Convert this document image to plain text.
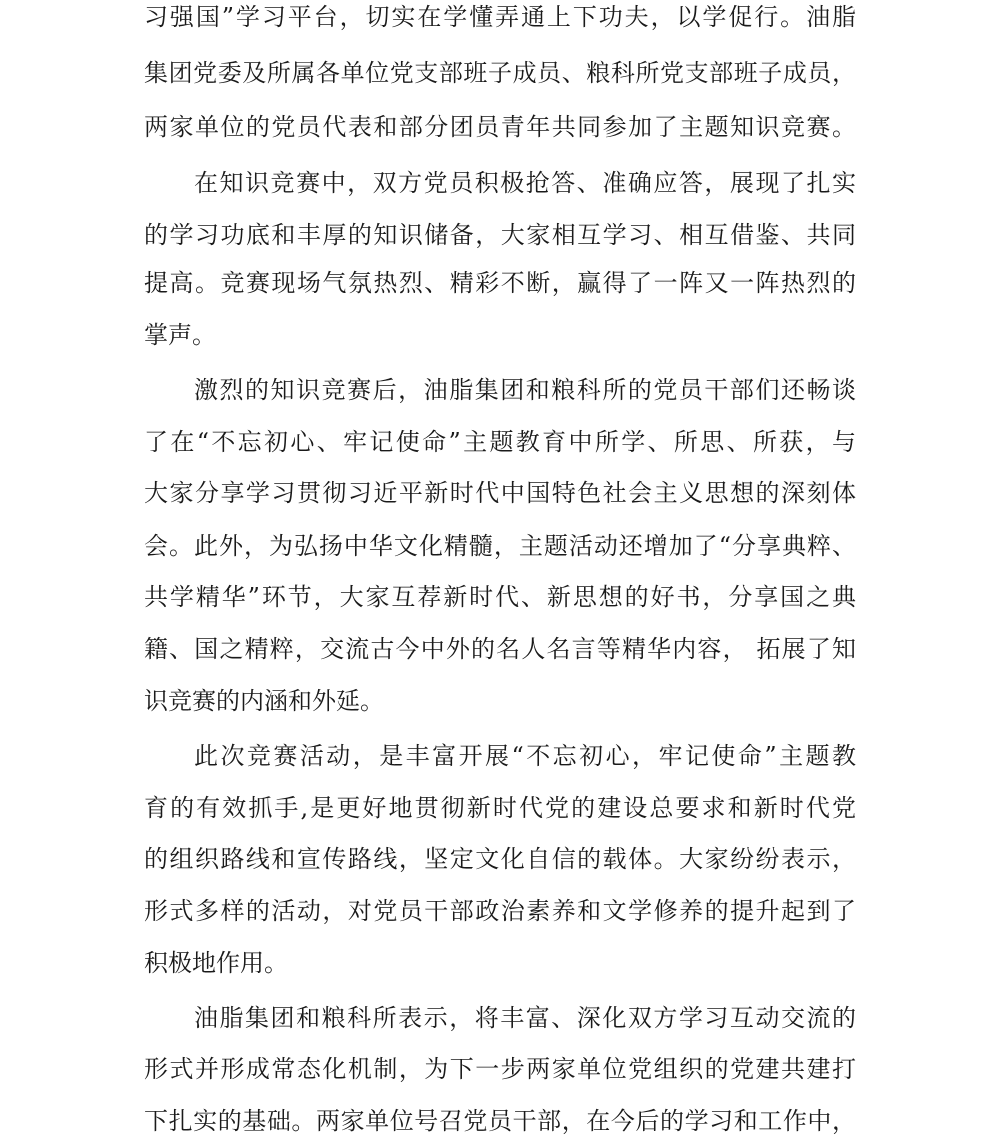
习强国”学习平台，切实在学懂弄通上下功夫，以学促行。油脂
集团党委及所属各单位党支部班子成员、粮科所党支部班子成员，
两家单位的党员代表和部分团员青年共同参加了主题知识竞赛。
在知识竞赛中，双方党员积极抢答、准确应答，展现了扎实
的学习功底和丰厚的知识储备，大家相互学习、相互借鉴、共同
提高。竞赛现场气氛热烈、精彩不断，赢得了一阵又一阵热烈的
掌声。
激烈的知识竞赛后，油脂集团和粮科所的党员干部们还畅谈
了在“不忘初心、牢记使命”主题教育中所学、所思、所获，与
大家分享学习贯彻习近平新时代中国特色社会主义思想的深刻体
会。此外，为弘扬中华文化精髓，主题活动还增加了“分享典粹、
共学精华”环节，大家互荐新时代、新思想的好书，分享国之典
籍、国之精粹，交流古今中外的名人名言等精华内容， 拓展了知
识竞赛的内涵和外延。
此次竞赛活动，是丰富开展“不忘初心，牢记使命”主题教
育的有效抓手,是更好地贯彻新时代党的建设总要求和新时代党
的组织路线和宣传路线，坚定文化自信的载体。大家纷纷表示，
形式多样的活动，对党员干部政治素养和文学修养的提升起到了
积极地作用。
油脂集团和粮科所表示，将丰富、深化双方学习互动交流的
形式并形成常态化机制，为下一步两家单位党组织的党建共建打
下扎实的基础。两家单位号召党员干部，在今后的学习和工作中，
